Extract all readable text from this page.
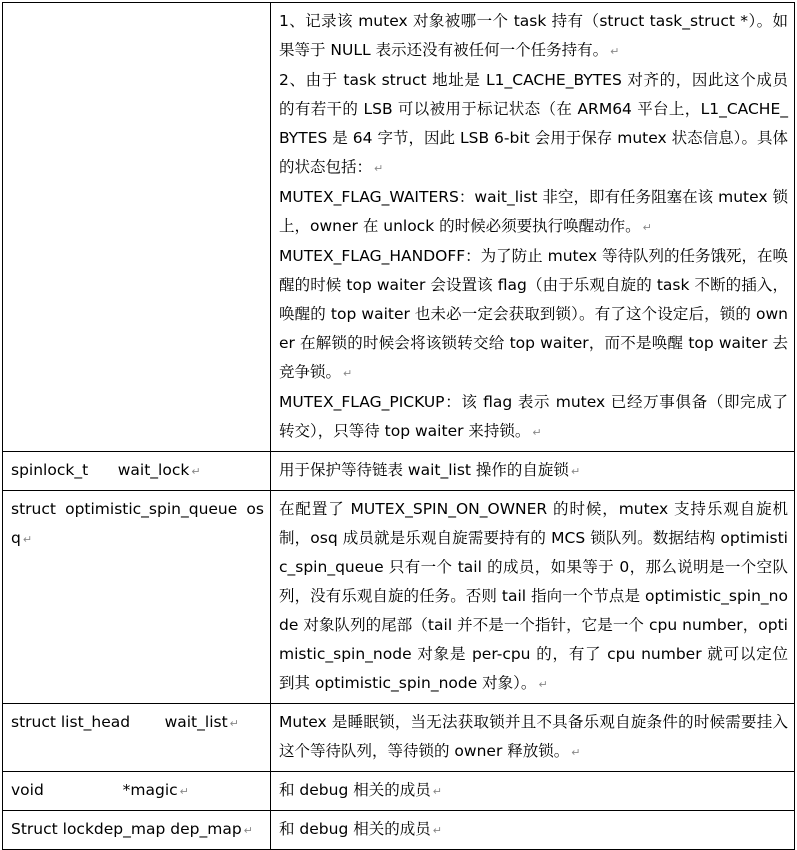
	1、记录该 mutex 对象被哪一个 task 持有（struct task_struct *）。如果等于 NULL 表示还没有被任何一个任务持有。 ↵
2、由于 task struct 地址是 L1_CACHE_BYTES 对齐的，因此这个成员的有若干的 LSB 可以被用于标记状态（在 ARM64 平台上，L1_CACHE_BYTES 是 64 字节，因此 LSB 6-bit 会用于保存 mutex 状态信息）。具体的状态包括： ↵
MUTEX_FLAG_WAITERS：wait_list 非空，即有任务阻塞在该 mutex 锁上，owner 在 unlock 的时候必须要执行唤醒动作。 ↵
MUTEX_FLAG_HANDOFF：为了防止 mutex 等待队列的任务饿死，在唤醒的时候 top waiter 会设置该 flag（由于乐观自旋的 task 不断的插入，唤醒的 top waiter 也未必一定会获取到锁）。有了这个设定后，锁的 owner 在解锁的时候会将该锁转交给 top waiter，而不是唤醒 top waiter 去竞争锁。 ↵
MUTEX_FLAG_PICKUP：该 flag 表示 mutex 已经万事俱备（即完成了转交），只等待 top waiter 来持锁。 ↵

spinlock_t      wait_lock ↵	用于保护等待链表 wait_list 操作的自旋锁 ↵
struct optimistic_spin_queue osq ↵	在配置了 MUTEX_SPIN_ON_OWNER 的时候，mutex 支持乐观自旋机制，osq 成员就是乐观自旋需要持有的 MCS 锁队列。数据结构 optimistic_spin_queue 只有一个 tail 的成员，如果等于 0，那么说明是一个空队列，没有乐观自旋的任务。否则 tail 指向一个节点是 optimistic_spin_node 对象队列的尾部（tail 并不是一个指针，它是一个 cpu number，optimistic_spin_node 对象是 per-cpu 的，有了 cpu number 就可以定位到其 optimistic_spin_node 对象）。 ↵
struct list_head       wait_list ↵	Mutex 是睡眠锁，当无法获取锁并且不具备乐观自旋条件的时候需要挂入这个等待队列，等待锁的 owner 释放锁。 ↵
void                *magic ↵	和 debug 相关的成员 ↵
Struct lockdep_map dep_map ↵	和 debug 相关的成员 ↵
